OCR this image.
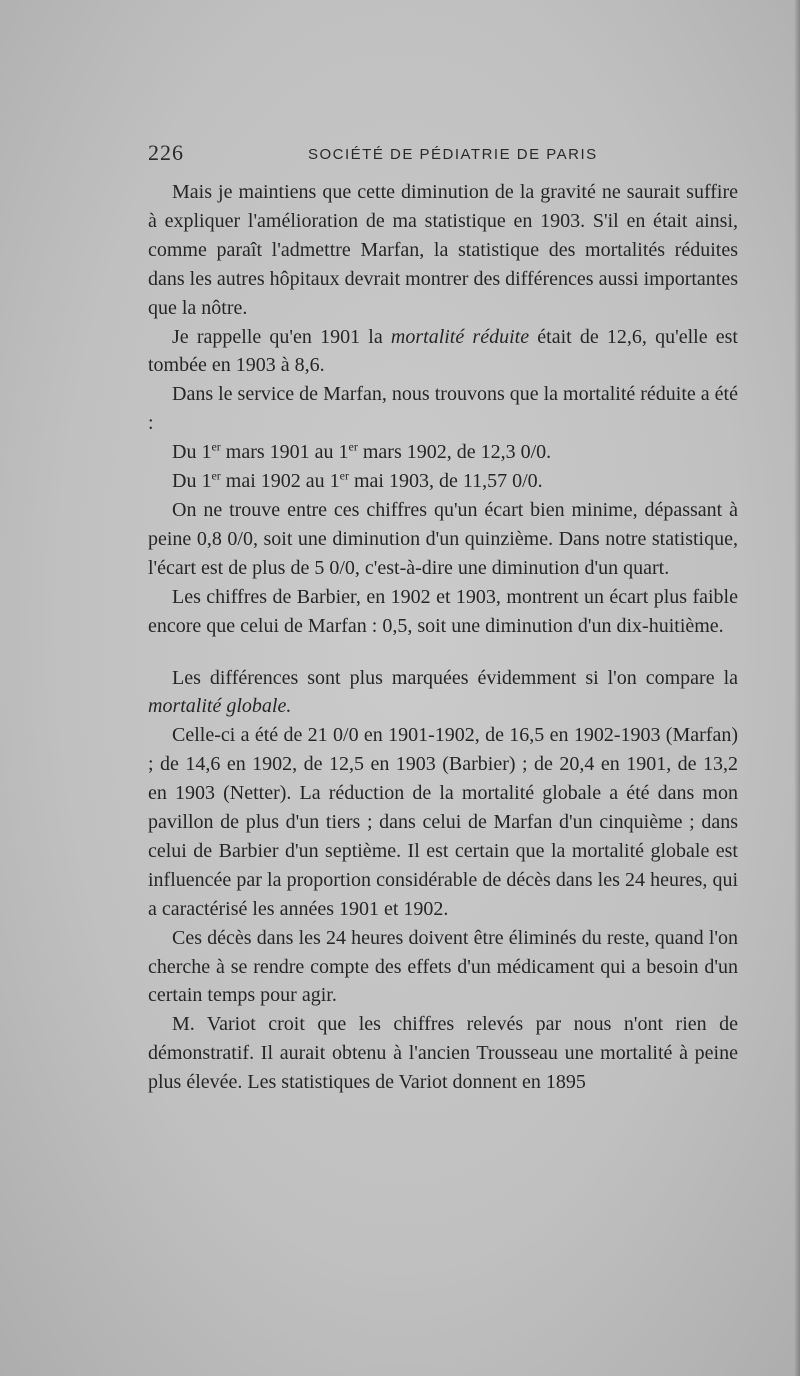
226	SOCIÉTÉ DE PÉDIATRIE DE PARIS

Mais je maintiens que cette diminution de la gravité ne saurait suffire à expliquer l'amélioration de ma statistique en 1903. S'il en était ainsi, comme paraît l'admettre Marfan, la statistique des mortalités réduites dans les autres hôpitaux devrait montrer des différences aussi importantes que la nôtre.

Je rappelle qu'en 1901 la mortalité réduite était de 12,6, qu'elle est tombée en 1903 à 8,6.

Dans le service de Marfan, nous trouvons que la mortalité réduite a été :

Du 1er mars 1901 au 1er mars 1902, de 12,3 0/0.

Du 1er mai 1902 au 1er mai 1903, de 11,57 0/0.

On ne trouve entre ces chiffres qu'un écart bien minime, dépassant à peine 0,8 0/0, soit une diminution d'un quinzième. Dans notre statistique, l'écart est de plus de 5 0/0, c'est-à-dire une diminution d'un quart.

Les chiffres de Barbier, en 1902 et 1903, montrent un écart plus faible encore que celui de Marfan : 0,5, soit une diminution d'un dix-huitième.

Les différences sont plus marquées évidemment si l'on compare la mortalité globale.

Celle-ci a été de 21 0/0 en 1901-1902, de 16,5 en 1902-1903 (Marfan) ; de 14,6 en 1902, de 12,5 en 1903 (Barbier) ; de 20,4 en 1901, de 13,2 en 1903 (Netter). La réduction de la mortalité globale a été dans mon pavillon de plus d'un tiers ; dans celui de Marfan d'un cinquième ; dans celui de Barbier d'un septième. Il est certain que la mortalité globale est influencée par la proportion considérable de décès dans les 24 heures, qui a caractérisé les années 1901 et 1902.

Ces décès dans les 24 heures doivent être éliminés du reste, quand l'on cherche à se rendre compte des effets d'un médicament qui a besoin d'un certain temps pour agir.

M. Variot croit que les chiffres relevés par nous n'ont rien de démonstratif. Il aurait obtenu à l'ancien Trousseau une mortalité à peine plus élevée. Les statistiques de Variot donnent en 1895
